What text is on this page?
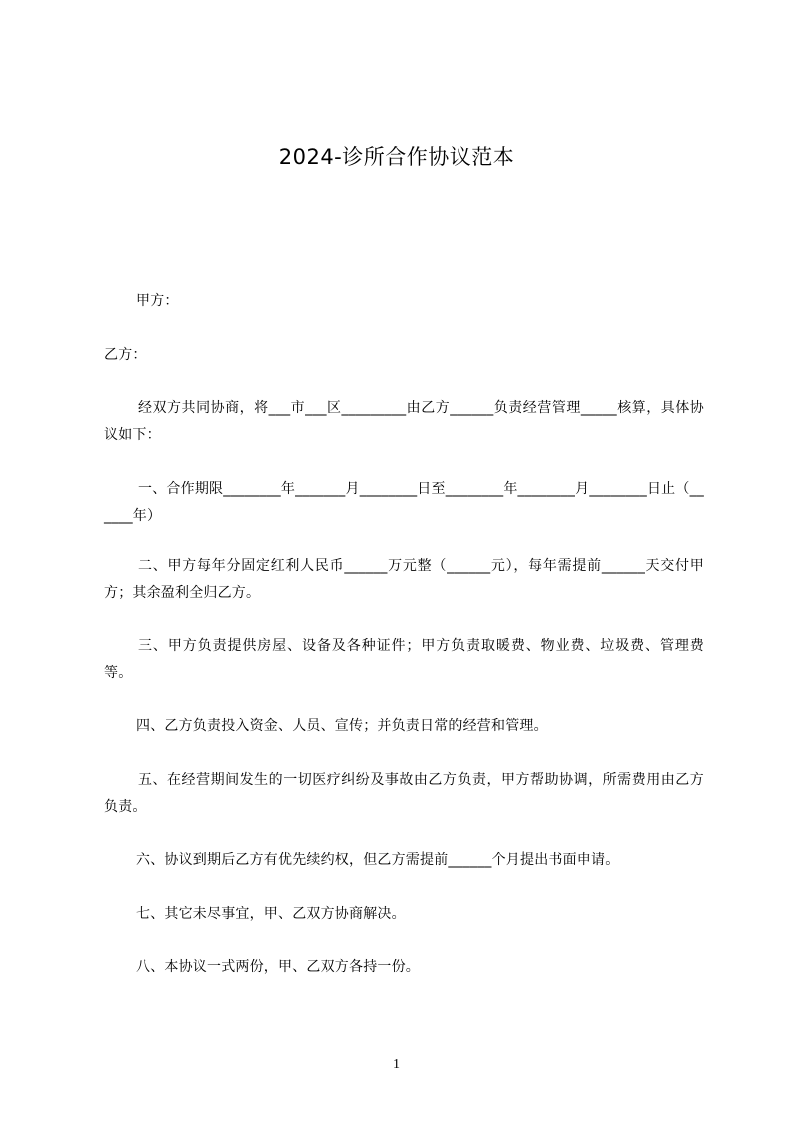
2024-诊所合作协议范本
甲方：
乙方：
经双方共同协商，将___市___区_________由乙方______负责经营管理_____核算，具体协议如下：
一、合作期限________年_______月________日至________年________月________日止（______年）
二、甲方每年分固定红利人民币______万元整（______元），每年需提前______天交付甲方；其余盈利全归乙方。
三、甲方负责提供房屋、设备及各种证件；甲方负责取暖费、物业费、垃圾费、管理费等。
四、乙方负责投入资金、人员、宣传；并负责日常的经营和管理。
五、在经营期间发生的一切医疗纠纷及事故由乙方负责，甲方帮助协调，所需费用由乙方负责。
六、协议到期后乙方有优先续约权，但乙方需提前______个月提出书面申请。
七、其它未尽事宜，甲、乙双方协商解决。
八、本协议一式两份，甲、乙双方各持一份。
1
